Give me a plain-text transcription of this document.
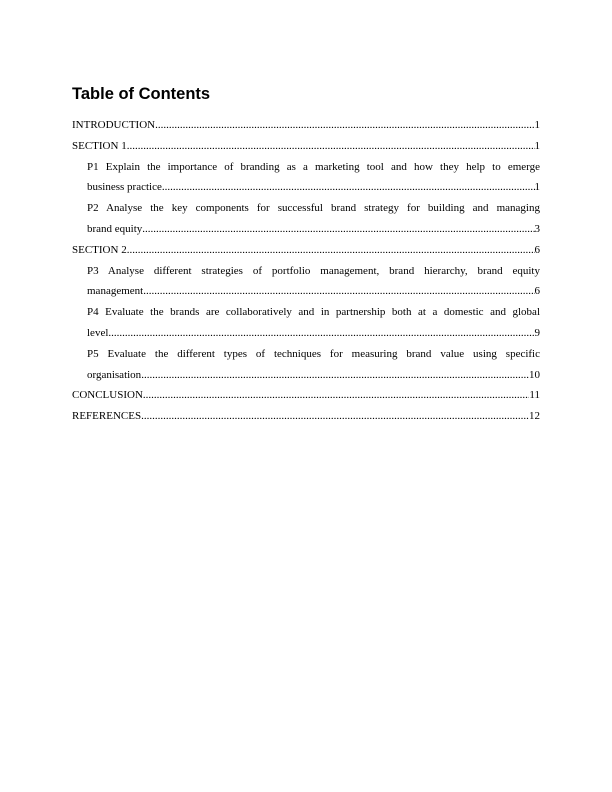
Table of Contents
INTRODUCTION .....	1
SECTION 1 .....	1
P1 Explain the importance of branding as a marketing tool and how they help to emerge
business practice. .....	1
P2 Analyse the key components for successful brand strategy for building and managing
brand equity .....	3
SECTION 2 .....	6
P3 Analyse different strategies of portfolio management, brand hierarchy, brand equity
management .....	6
P4 Evaluate the brands are collaboratively and in partnership both at a domestic and global
level .....	9
P5 Evaluate the different types of techniques for measuring brand value using specific
organisation .....	10
CONCLUSION .....	11
REFERENCES .....	12
